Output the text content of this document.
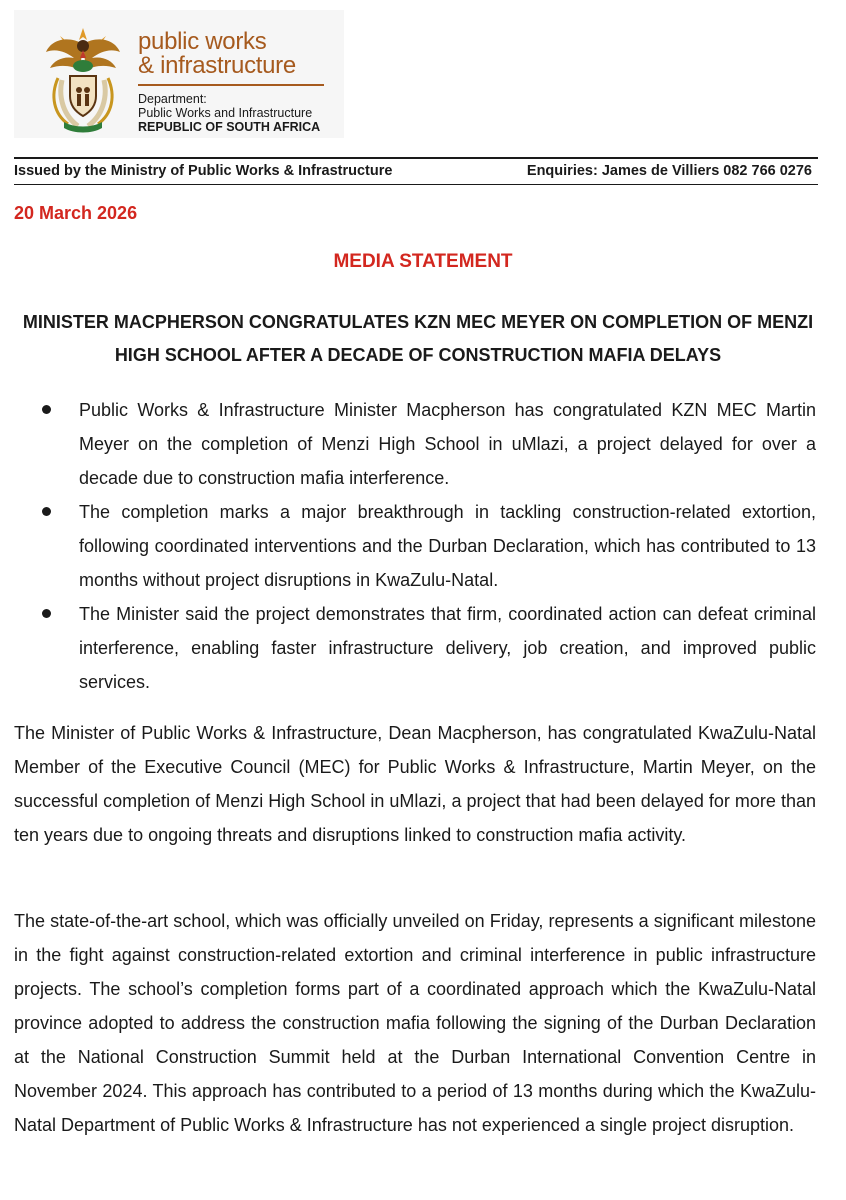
public works
& infrastructure
Department:
Public Works and Infrastructure
REPUBLIC OF SOUTH AFRICA
Issued by the Ministry of Public Works & Infrastructure	Enquiries: James de Villiers 082 766 0276
20 March 2026
MEDIA STATEMENT
MINISTER MACPHERSON CONGRATULATES KZN MEC MEYER ON COMPLETION OF MENZI HIGH SCHOOL AFTER A DECADE OF CONSTRUCTION MAFIA DELAYS
Public Works & Infrastructure Minister Macpherson has congratulated KZN MEC Martin Meyer on the completion of Menzi High School in uMlazi, a project delayed for over a decade due to construction mafia interference.
The completion marks a major breakthrough in tackling construction-related extortion, following coordinated interventions and the Durban Declaration, which has contributed to 13 months without project disruptions in KwaZulu-Natal.
The Minister said the project demonstrates that firm, coordinated action can defeat criminal interference, enabling faster infrastructure delivery, job creation, and improved public services.

The Minister of Public Works & Infrastructure, Dean Macpherson, has congratulated KwaZulu-Natal Member of the Executive Council (MEC) for Public Works & Infrastructure, Martin Meyer, on the successful completion of Menzi High School in uMlazi, a project that had been delayed for more than ten years due to ongoing threats and disruptions linked to construction mafia activity.

The state-of-the-art school, which was officially unveiled on Friday, represents a significant milestone in the fight against construction-related extortion and criminal interference in public infrastructure projects. The school’s completion forms part of a coordinated approach which the KwaZulu-Natal province adopted to address the construction mafia following the signing of the Durban Declaration at the National Construction Summit held at the Durban International Convention Centre in November 2024. This approach has contributed to a period of 13 months during which the KwaZulu-Natal Department of Public Works & Infrastructure has not experienced a single project disruption.
